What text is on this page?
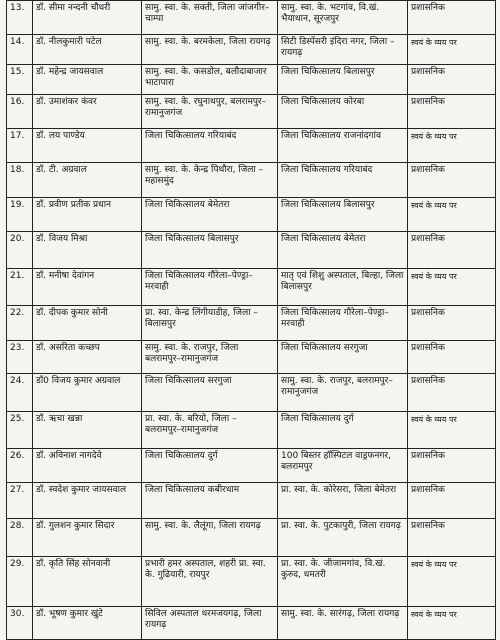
13.	डॉ. सीमा नन्दनी चौधरी	सामु. स्वा. के. सक्ती, जिला जांजगीर–चाम्पा	सामु. स्वा. के. भटगांव, वि.खं. भैयाथान, सूरजपुर	प्रशासनिक
14.	डॉ. नीलकुमारी पटेल	सामु. स्वा. के. बरमकेला, जिला रायगढ़	सिटी डिस्पेंसरी इंदिरा नगर, जिला – रायगढ़	स्वयं के व्यय पर
15.	डॉ. महेन्द्र जायसवाल	सामु. स्वा. के. कसडोल, बलौदाबाजार भाटापारा	जिला चिकित्सालय बिलासपुर	प्रशासनिक
16.	डॉ. उमाशंकर कंवर	सामु. स्वा. के. रघुनाथपुर, बलरामपुर–रामानुजगंज	जिला चिकित्सालय कोरबा	प्रशासनिक
17.	डॉ. लय पाण्डेय	जिला चिकित्सालय गरियाबंद	जिला चिकित्सालय राजनांदगांव	स्वयं के व्यय पर
18.	डॉ. टी. अग्रवाल	सामु. स्वा. के. केन्द्र पिथौरा, जिला – महासमुंद	जिला चिकित्सालय गरियाबंद	प्रशासनिक
19.	डॉ. प्रवीण प्रतीक प्रधान	जिला चिकित्सालय बेमेतरा	जिला चिकित्सालय बिलासपुर	स्वयं के व्यय पर
20.	डॉ. विजय मिश्रा	जिला चिकित्सालय बिलासपुर	जिला चिकित्सालय बेमेतरा	प्रशासनिक
21.	डॉ. मनीषा देवांगन	जिला चिकित्सालय गौरेला–पेण्ड्रा–मरवाही	मातृ एवं शिशु अस्पताल, बिल्हा, जिला बिलासपुर	स्वयं के व्यय पर
22.	डॉ. दीपक कुमार सोनी	प्रा. स्वा. केन्द्र लिंगीयाडीह, जिला – बिलासपुर	जिला चिकित्सालय गौरेला–पेण्ड्रा–मरवाही	प्रशासनिक
23.	डॉ. असरिता कच्छप	सामु. स्वा. के. राजपुर, जिला बलरामपुर–रामानुजगंज	जिला चिकित्सालय सरगुजा	प्रशासनिक
24.	डॉ0 विजय कुमार अग्रवाल	जिला चिकित्सालय सरगुजा	सामु. स्वा. के. राजपुर, बलरामपुर–रामानुजगंज	प्रशासनिक
25.	डॉ. ऋचा खन्ना	प्रा. स्वा. के. बरियो, जिला – बलरामपुर–रामानुजगंज	जिला चिकित्सालय दुर्ग	स्वयं के व्यय पर
26.	डॉ. अविनाश नागदेवे	जिला चिकित्सालय दुर्ग	100 बिस्तर हॉस्पिटल वाड्रफनगर, बलरामपुर	प्रशासनिक
27.	डॉ. स्वदेश कुमार जायसवाल	जिला चिकित्सालय कबीरधाम	प्रा. स्वा. के. कोरेसरा, जिला बेमेतरा	प्रशासनिक
28.	डॉ. गुलशन कुमार सिदार	सामु. स्वा. के. लैलूंगा, जिला रायगढ़	प्रा. स्वा. के. पुटकापुरी, जिला रायगढ़	प्रशासनिक
29.	डॉ. कृति सिंह सोनवानी	प्रभारी हमर अस्पताल, शहरी प्रा. स्वा. के. गुढियारी, रायपुर	प्रा. स्वा. के. जीजामगांव, वि.खं. कुरुद, धमतरी	स्वयं के व्यय पर
30.	डॉ. भूषण कुमार खुंटे	सिविल अस्पताल धरमजयगढ़, जिला रायगढ़	सामु. स्वा. के. सारंगढ़, जिला रायगढ़	स्वयं के व्यय पर
